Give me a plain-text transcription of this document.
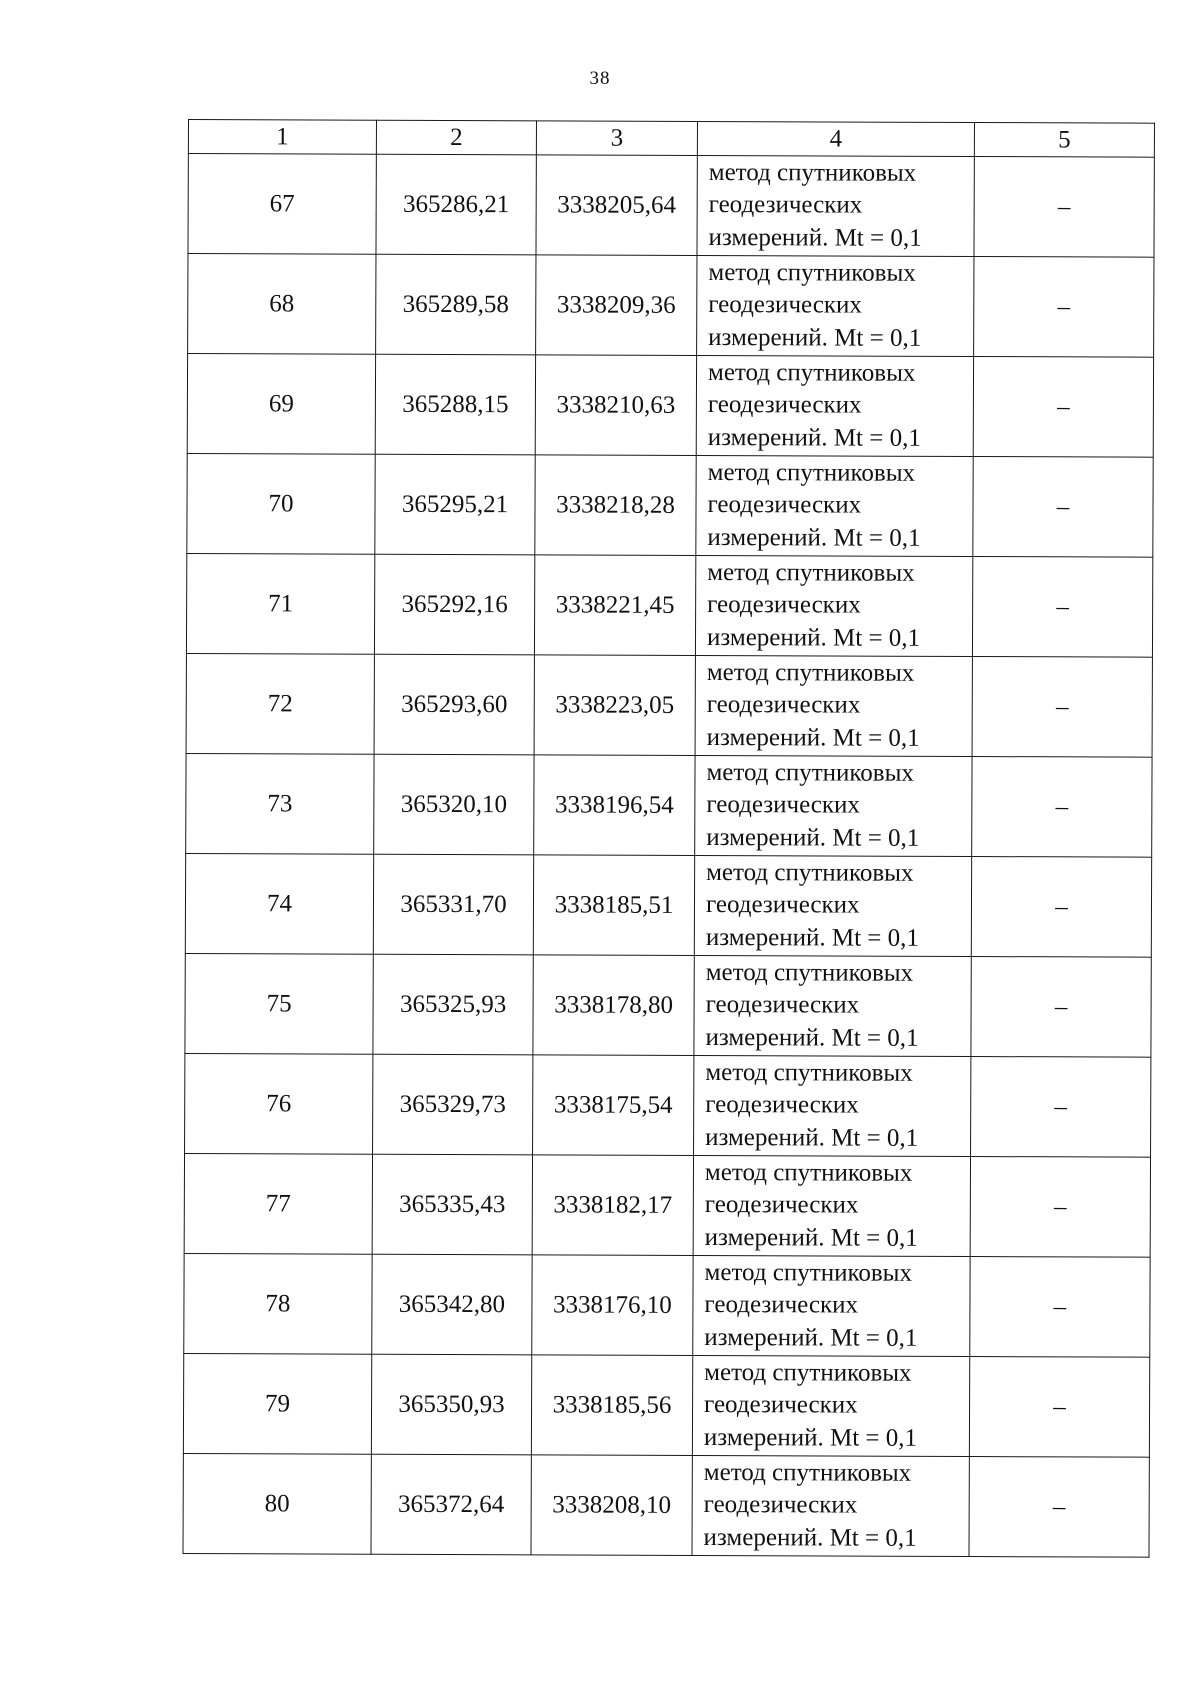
38
1	2	3	4	5
67	365286,21	3338205,64	метод спутниковых
геодезических
измерений. Mt = 0,1	–
68	365289,58	3338209,36	метод спутниковых
геодезических
измерений. Mt = 0,1	–
69	365288,15	3338210,63	метод спутниковых
геодезических
измерений. Mt = 0,1	–
70	365295,21	3338218,28	метод спутниковых
геодезических
измерений. Mt = 0,1	–
71	365292,16	3338221,45	метод спутниковых
геодезических
измерений. Mt = 0,1	–
72	365293,60	3338223,05	метод спутниковых
геодезических
измерений. Mt = 0,1	–
73	365320,10	3338196,54	метод спутниковых
геодезических
измерений. Mt = 0,1	–
74	365331,70	3338185,51	метод спутниковых
геодезических
измерений. Mt = 0,1	–
75	365325,93	3338178,80	метод спутниковых
геодезических
измерений. Mt = 0,1	–
76	365329,73	3338175,54	метод спутниковых
геодезических
измерений. Mt = 0,1	–
77	365335,43	3338182,17	метод спутниковых
геодезических
измерений. Mt = 0,1	–
78	365342,80	3338176,10	метод спутниковых
геодезических
измерений. Mt = 0,1	–
79	365350,93	3338185,56	метод спутниковых
геодезических
измерений. Mt = 0,1	–
80	365372,64	3338208,10	метод спутниковых
геодезических
измерений. Mt = 0,1	–
